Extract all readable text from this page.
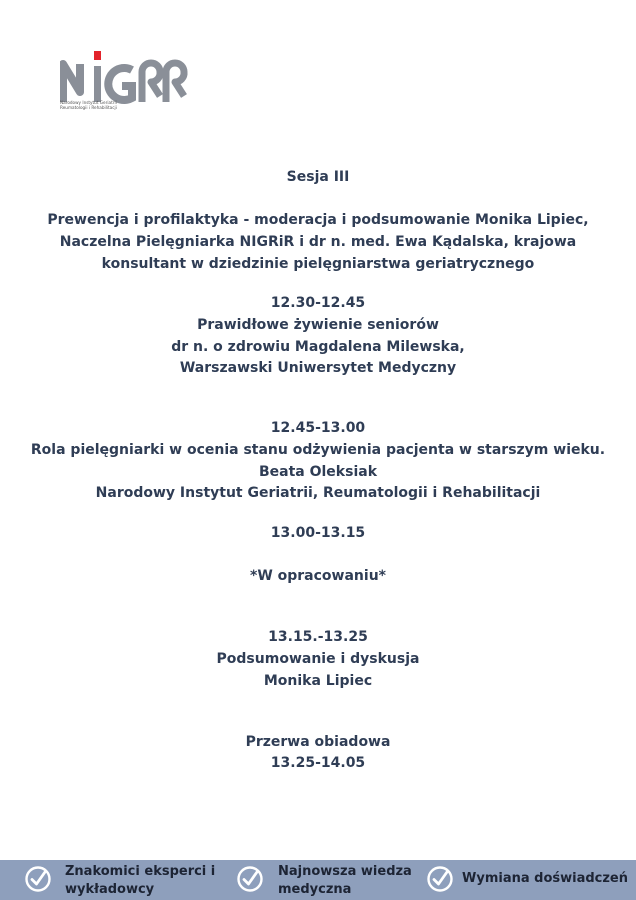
Narodowy Instytut Geriatrii
Reumatologii i Rehabilitacji
Sesja III
Prewencja i profilaktyka - moderacja i podsumowanie Monika Lipiec,
Naczelna Pielęgniarka NIGRiR i dr n. med. Ewa Kądalska, krajowa
konsultant w dziedzinie pielęgniarstwa geriatrycznego
12.30-12.45
Prawidłowe żywienie seniorów
dr n. o zdrowiu Magdalena Milewska,
Warszawski Uniwersytet Medyczny
12.45-13.00
Rola pielęgniarki w ocenia stanu odżywienia pacjenta w starszym wieku.
Beata Oleksiak
Narodowy Instytut Geriatrii, Reumatologii i Rehabilitacji
13.00-13.15
*W opracowaniu*
13.15.-13.25
Podsumowanie i dyskusja
Monika Lipiec
Przerwa obiadowa
13.25-14.05
Znakomici eksperci i
wykładowcy
Najnowsza wiedza
medyczna
Wymiana doświadczeń
